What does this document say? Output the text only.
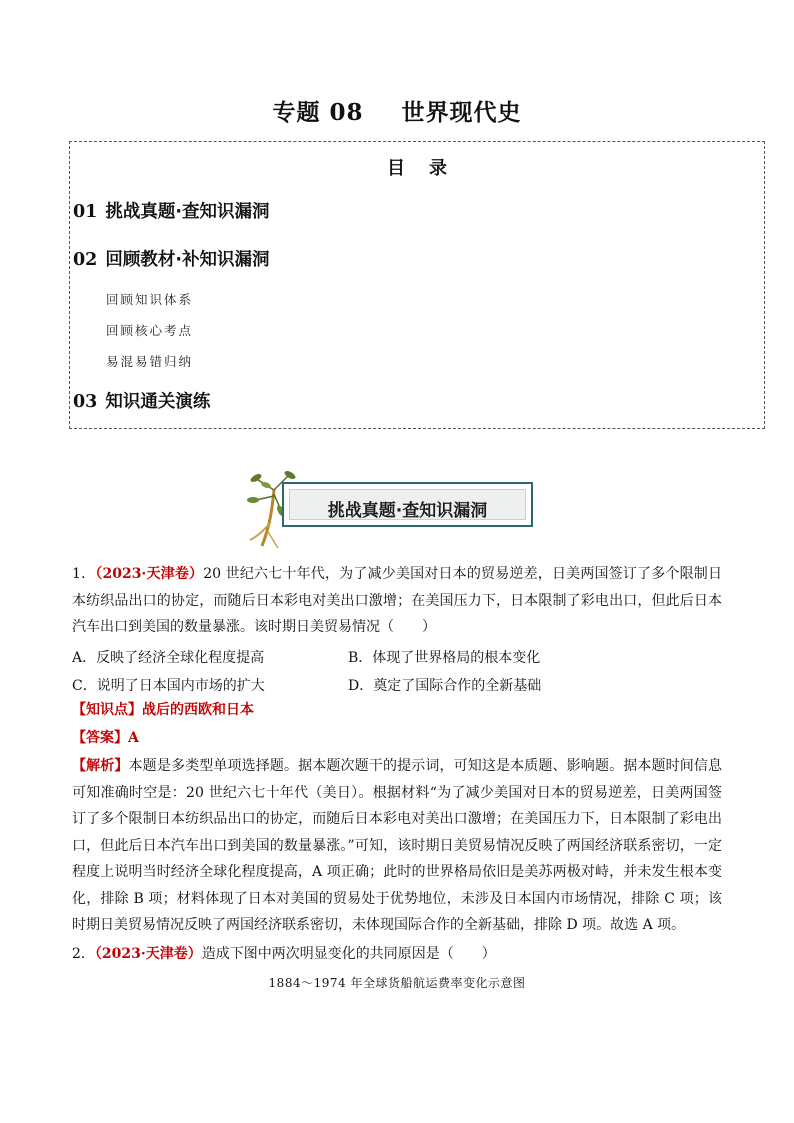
专题 08 世界现代史
目 录
01 挑战真题·查知识漏洞
02 回顾教材·补知识漏洞
回顾知识体系
回顾核心考点
易混易错归纳
03 知识通关演练
挑战真题·查知识漏洞
1．（2023·天津卷）20 世纪六七十年代，为了减少美国对日本的贸易逆差，日美两国签订了多个限制日本纺织品出口的协定，而随后日本彩电对美出口激增；在美国压力下，日本限制了彩电出口，但此后日本汽车出口到美国的数量暴涨。该时期日美贸易情况（　　）
A．反映了经济全球化程度提高	B．体现了世界格局的根本变化
C．说明了日本国内市场的扩大	D．奠定了国际合作的全新基础
【知识点】战后的西欧和日本
【答案】A
【解析】本题是多类型单项选择题。据本题次题干的提示词，可知这是本质题、影响题。据本题时间信息可知准确时空是：20 世纪六七十年代（美日）。根据材料“为了减少美国对日本的贸易逆差，日美两国签订了多个限制日本纺织品出口的协定，而随后日本彩电对美出口激增；在美国压力下，日本限制了彩电出口，但此后日本汽车出口到美国的数量暴涨。”可知，该时期日美贸易情况反映了两国经济联系密切，一定程度上说明当时经济全球化程度提高，A 项正确；此时的世界格局依旧是美苏两极对峙，并未发生根本变化，排除 B 项；材料体现了日本对美国的贸易处于优势地位，未涉及日本国内市场情况，排除 C 项；该时期日美贸易情况反映了两国经济联系密切，未体现国际合作的全新基础，排除 D 项。故选 A 项。
2．（2023·天津卷）造成下图中两次明显变化的共同原因是（　　）
1884～1974 年全球货船航运费率变化示意图
